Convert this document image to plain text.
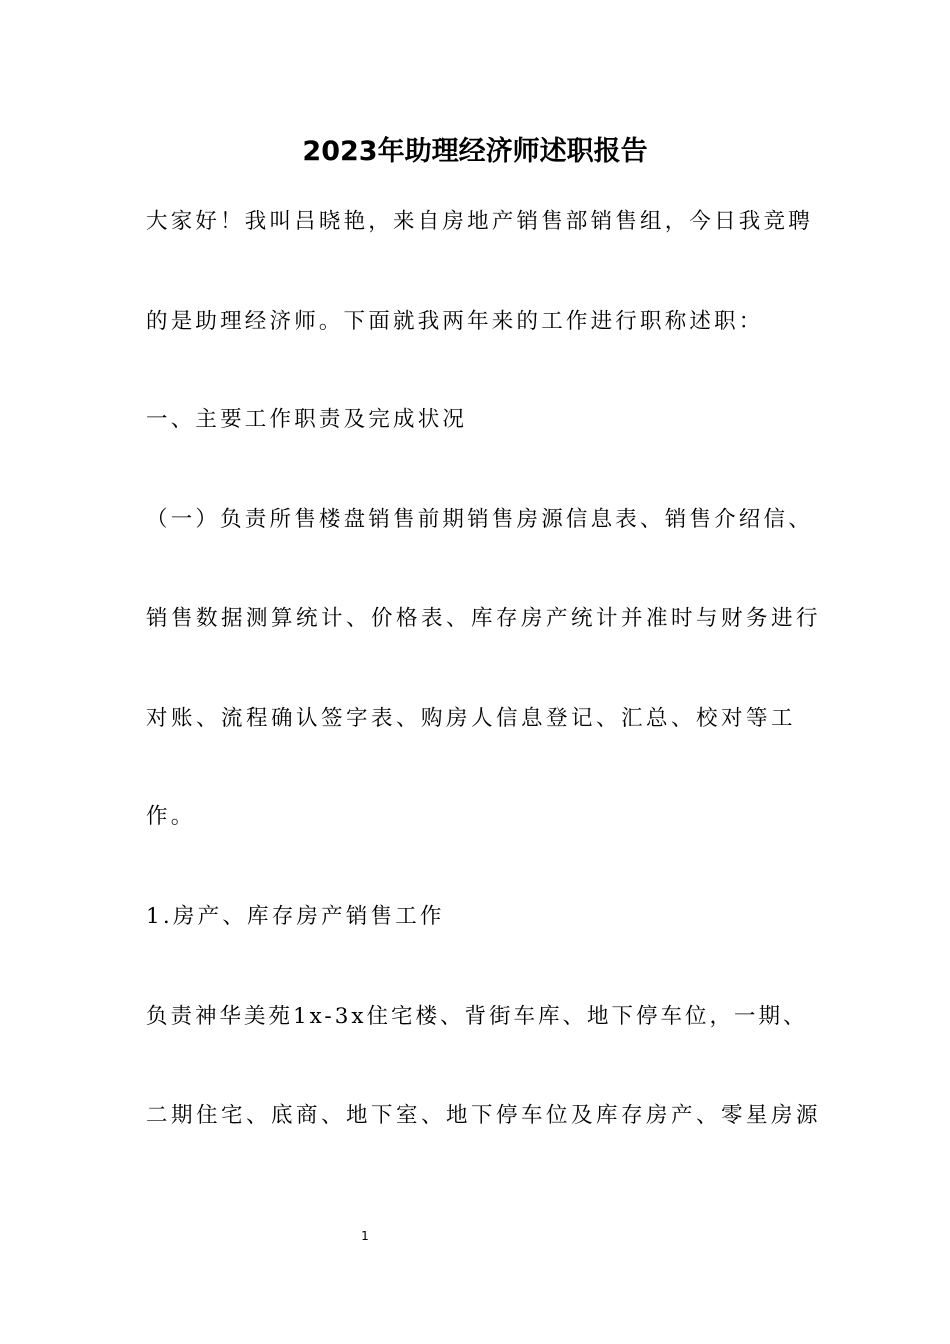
2023年助理经济师述职报告
大家好！我叫吕晓艳，来自房地产销售部销售组，今日我竞聘
的是助理经济师。下面就我两年来的工作进行职称述职：
一、主要工作职责及完成状况
（一）负责所售楼盘销售前期销售房源信息表、销售介绍信、
销售数据测算统计、价格表、库存房产统计并准时与财务进行
对账、流程确认签字表、购房人信息登记、汇总、校对等工
作。
1.房产、库存房产销售工作
负责神华美苑1x-3x住宅楼、背街车库、地下停车位，一期、
二期住宅、底商、地下室、地下停车位及库存房产、零星房源
1
